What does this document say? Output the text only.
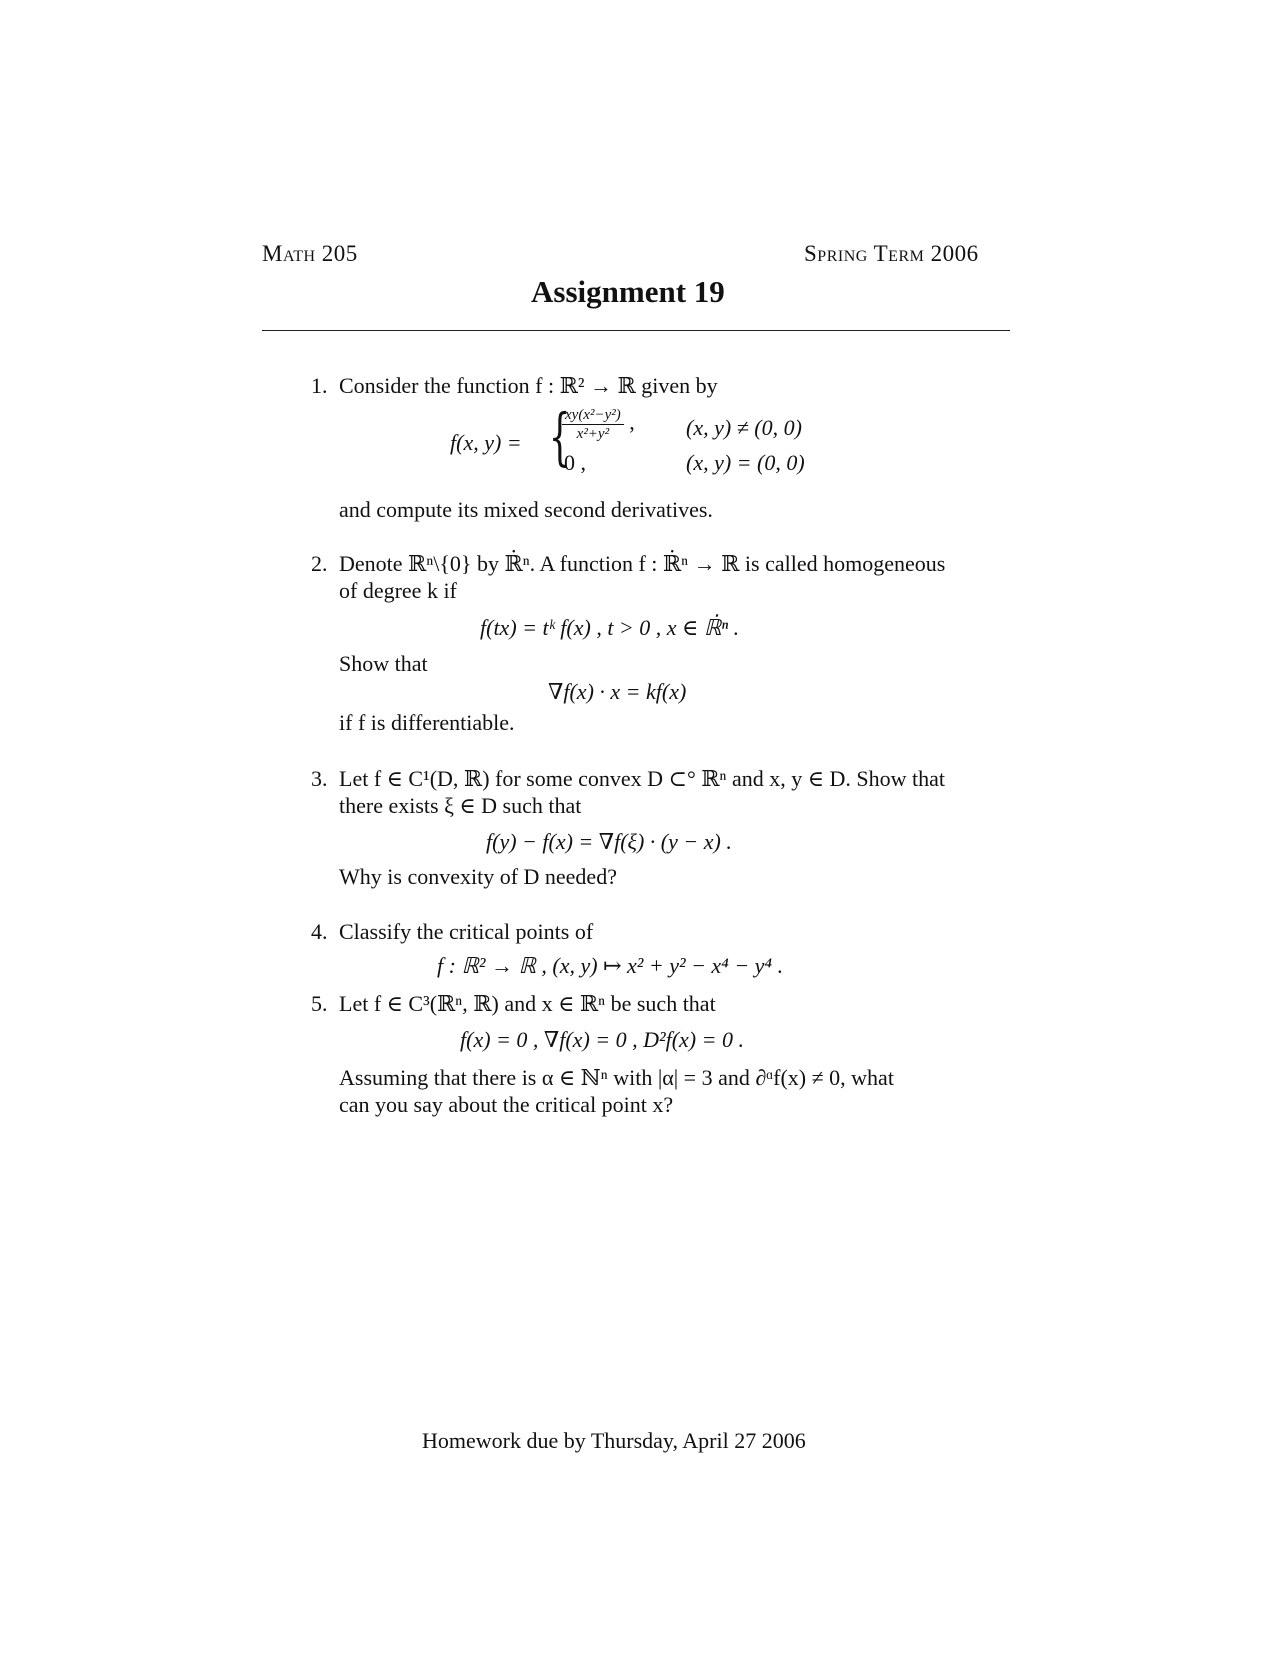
Math 205	Spring Term 2006
Assignment 19
1. Consider the function f : ℝ² → ℝ given by
f(x, y) = {
$\frac{\text{xy(x²−y²)}}{\text{x²+y²}}$ , (x, y) ≠ (0, 0)
0 ,	(x, y) = (0, 0)
and compute its mixed second derivatives.
2. Denote ℝⁿ\{0} by ℝ̇ⁿ. A function f : ℝ̇ⁿ → ℝ is called homogeneous
of degree k if
f(tx) = tᵏ f(x) , t > 0 , x ∈ ℝ̇ⁿ .
Show that
∇f(x) · x = kf(x)
if f is differentiable.
3. Let f ∈ C¹(D, ℝ) for some convex D ⊂° ℝⁿ and x, y ∈ D. Show that
there exists ξ ∈ D such that
f(y) − f(x) = ∇f(ξ) · (y − x) .
Why is convexity of D needed?
4. Classify the critical points of
f : ℝ² → ℝ , (x, y) ↦ x² + y² − x⁴ − y⁴ .
5. Let f ∈ C³(ℝⁿ, ℝ) and x ∈ ℝⁿ be such that
f(x) = 0 , ∇f(x) = 0 , D²f(x) = 0 .
Assuming that there is α ∈ ℕⁿ with |α| = 3 and ∂ᵅf(x) ≠ 0, what
can you say about the critical point x?
Homework due by Thursday, April 27 2006
